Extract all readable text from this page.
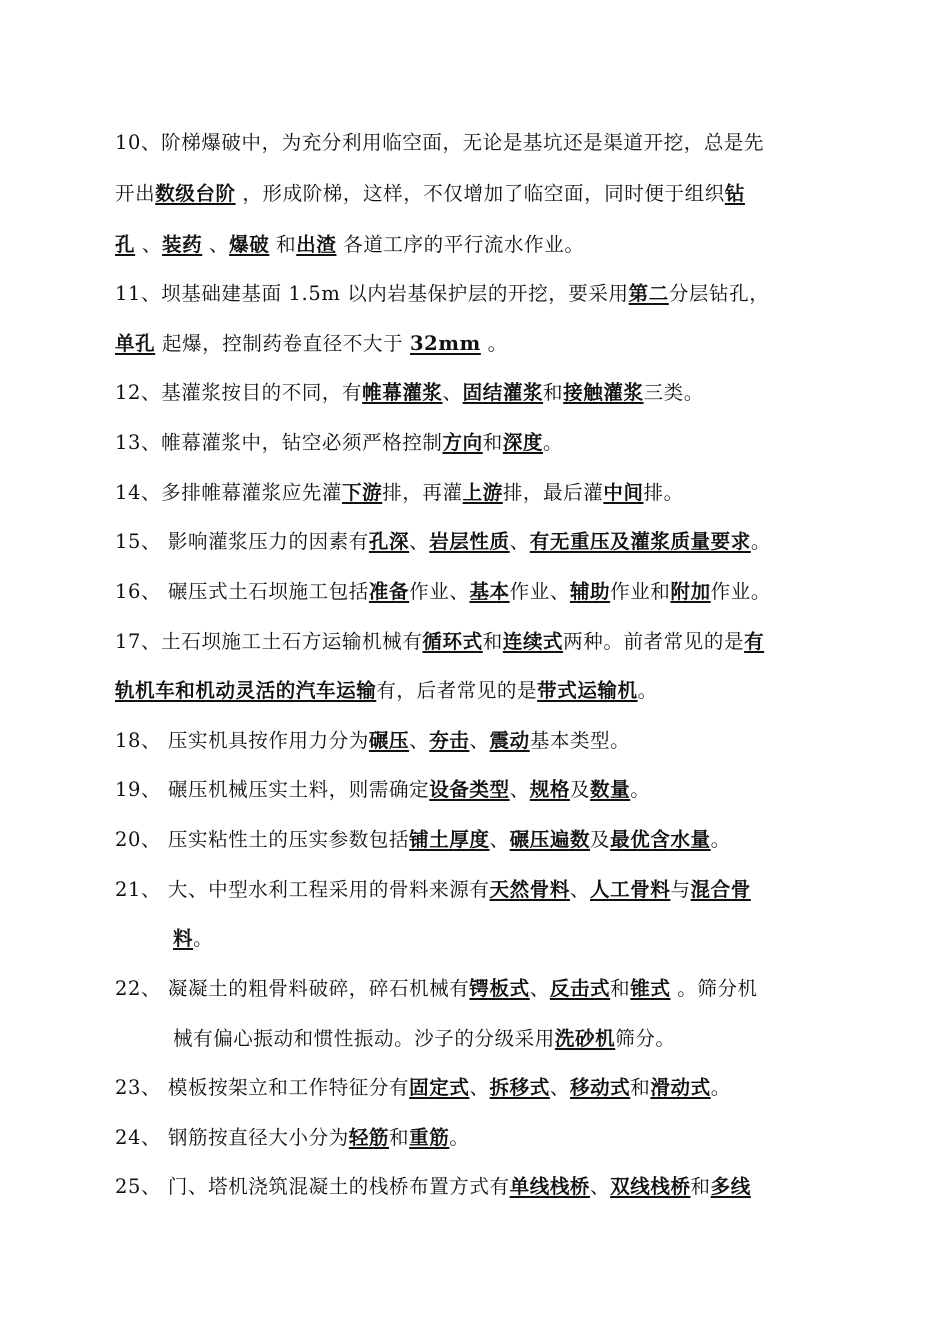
10、阶梯爆破中，为充分利用临空面，无论是基坑还是渠道开挖，总是先
开出数级台阶 ，形成阶梯，这样，不仅增加了临空面，同时便于组织钻
孔 、装药 、爆破 和出渣 各道工序的平行流水作业。
11、坝基础建基面 1.5m 以内岩基保护层的开挖，要采用第二分层钻孔，
单孔 起爆，控制药卷直径不大于 32mm 。
12、基灌浆按目的不同，有帷幕灌浆、固结灌浆和接触灌浆三类。
13、帷幕灌浆中，钻空必须严格控制方向和深度。
14、多排帷幕灌浆应先灌下游排，再灌上游排，最后灌中间排。
15、 影响灌浆压力的因素有孔深、岩层性质、有无重压及灌浆质量要求。
16、 碾压式土石坝施工包括准备作业、基本作业、辅助作业和附加作业。
17、土石坝施工土石方运输机械有循环式和连续式两种。前者常见的是有
轨机车和机动灵活的汽车运输有，后者常见的是带式运输机。
18、 压实机具按作用力分为碾压、夯击、震动基本类型。
19、 碾压机械压实土料，则需确定设备类型、规格及数量。
20、 压实粘性土的压实参数包括铺土厚度、碾压遍数及最优含水量。
21、 大、中型水利工程采用的骨料来源有天然骨料、人工骨料与混合骨
料。
22、 凝凝土的粗骨料破碎，碎石机械有锷板式、反击式和锥式 。筛分机
械有偏心振动和惯性振动。沙子的分级采用洗砂机筛分。
23、 模板按架立和工作特征分有固定式、拆移式、移动式和滑动式。
24、 钢筋按直径大小分为轻筋和重筋。
25、 门、塔机浇筑混凝土的栈桥布置方式有单线栈桥、双线栈桥和多线
